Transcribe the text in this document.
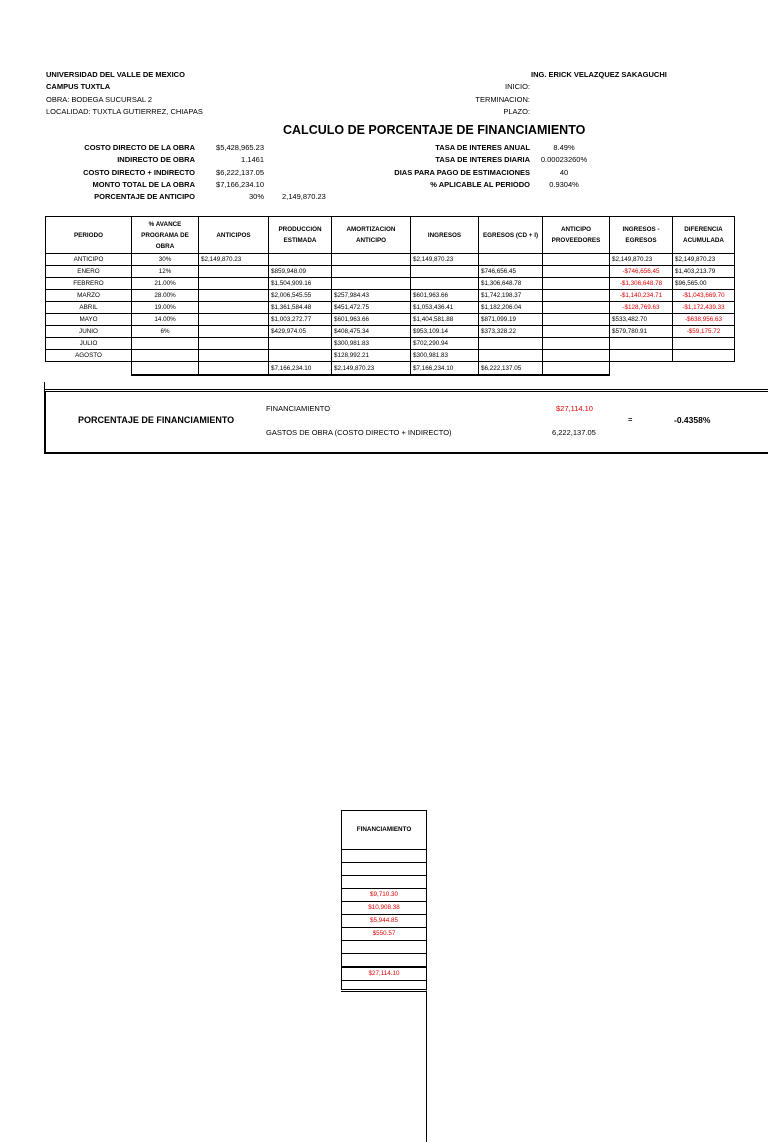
UNIVERSIDAD DEL VALLE DE MEXICO
CAMPUS TUXTLA
OBRA: BODEGA SUCURSAL 2
LOCALIDAD: TUXTLA GUTIERREZ, CHIAPAS
ING. ERICK VELAZQUEZ SAKAGUCHI
INICIO:
TERMINACION:
PLAZO:
CALCULO DE PORCENTAJE DE FINANCIAMIENTO
COSTO DIRECTO DE LA OBRA	$5,428,965.23
INDIRECTO DE OBRA	1.1461
COSTO DIRECTO + INDIRECTO	$6,222,137.05
MONTO TOTAL DE LA OBRA	$7,166,234.10
PORCENTAJE DE ANTICIPO	30% 2,149,870.23
TASA DE INTERES ANUAL	8.49%
TASA DE INTERES DIARIA	0.00023260%
DIAS PARA PAGO DE ESTIMACIONES	40
% APLICABLE AL PERIODO	0.9304%
PERIODO	% AVANCE PROGRAMA DE OBRA	ANTICIPOS	PRODUCCION ESTIMADA	AMORTIZACION ANTICIPO	INGRESOS	EGRESOS (CD + I)	ANTICIPO PROVEEDORES	INGRESOS - EGRESOS	DIFERENCIA ACUMULADA
ANTICIPO	30%	$2,149,870.23			$2,149,870.23			$2,149,870.23	$2,149,870.23
ENERO	12%		$859,948.09			$746,656.45		-$746,656.45	$1,403,213.79
FEBRERO	21.00%		$1,504,909.16			$1,306,648.78		-$1,306,648.78	$96,565.00
MARZO	28.00%		$2,006,545.55	$257,984.43	$601,963.66	$1,742,198.37		-$1,140,234.71	-$1,043,669.70
ABRIL	19.00%		$1,361,584.48	$451,472.75	$1,053,436.41	$1,182,206.04		-$128,769.63	-$1,172,439.33
MAYO	14.00%		$1,003,272.77	$601,963.66	$1,404,581.88	$871,099.19		$533,482.70	-$638,956.63
JUNIO	6%		$429,974.05	$408,475.34	$953,109.14	$373,328.22		$579,780.91	-$59,175.72
JULIO				$300,981.83	$702,290.94				
AGOSTO				$128,992.21	$300,981.83				
			$7,166,234.10	$2,149,870.23	$7,166,234.10	$6,222,137.05			
PORCENTAJE DE FINANCIAMIENTO
FINANCIAMIENTO	$27,114.10
GASTOS DE OBRA (COSTO DIRECTO + INDIRECTO)	6,222,137.05
=	-0.4358%
FINANCIAMIENTO
$9,710.30
$10,908.38
$5,944.85
$550.57
$27,114.10
